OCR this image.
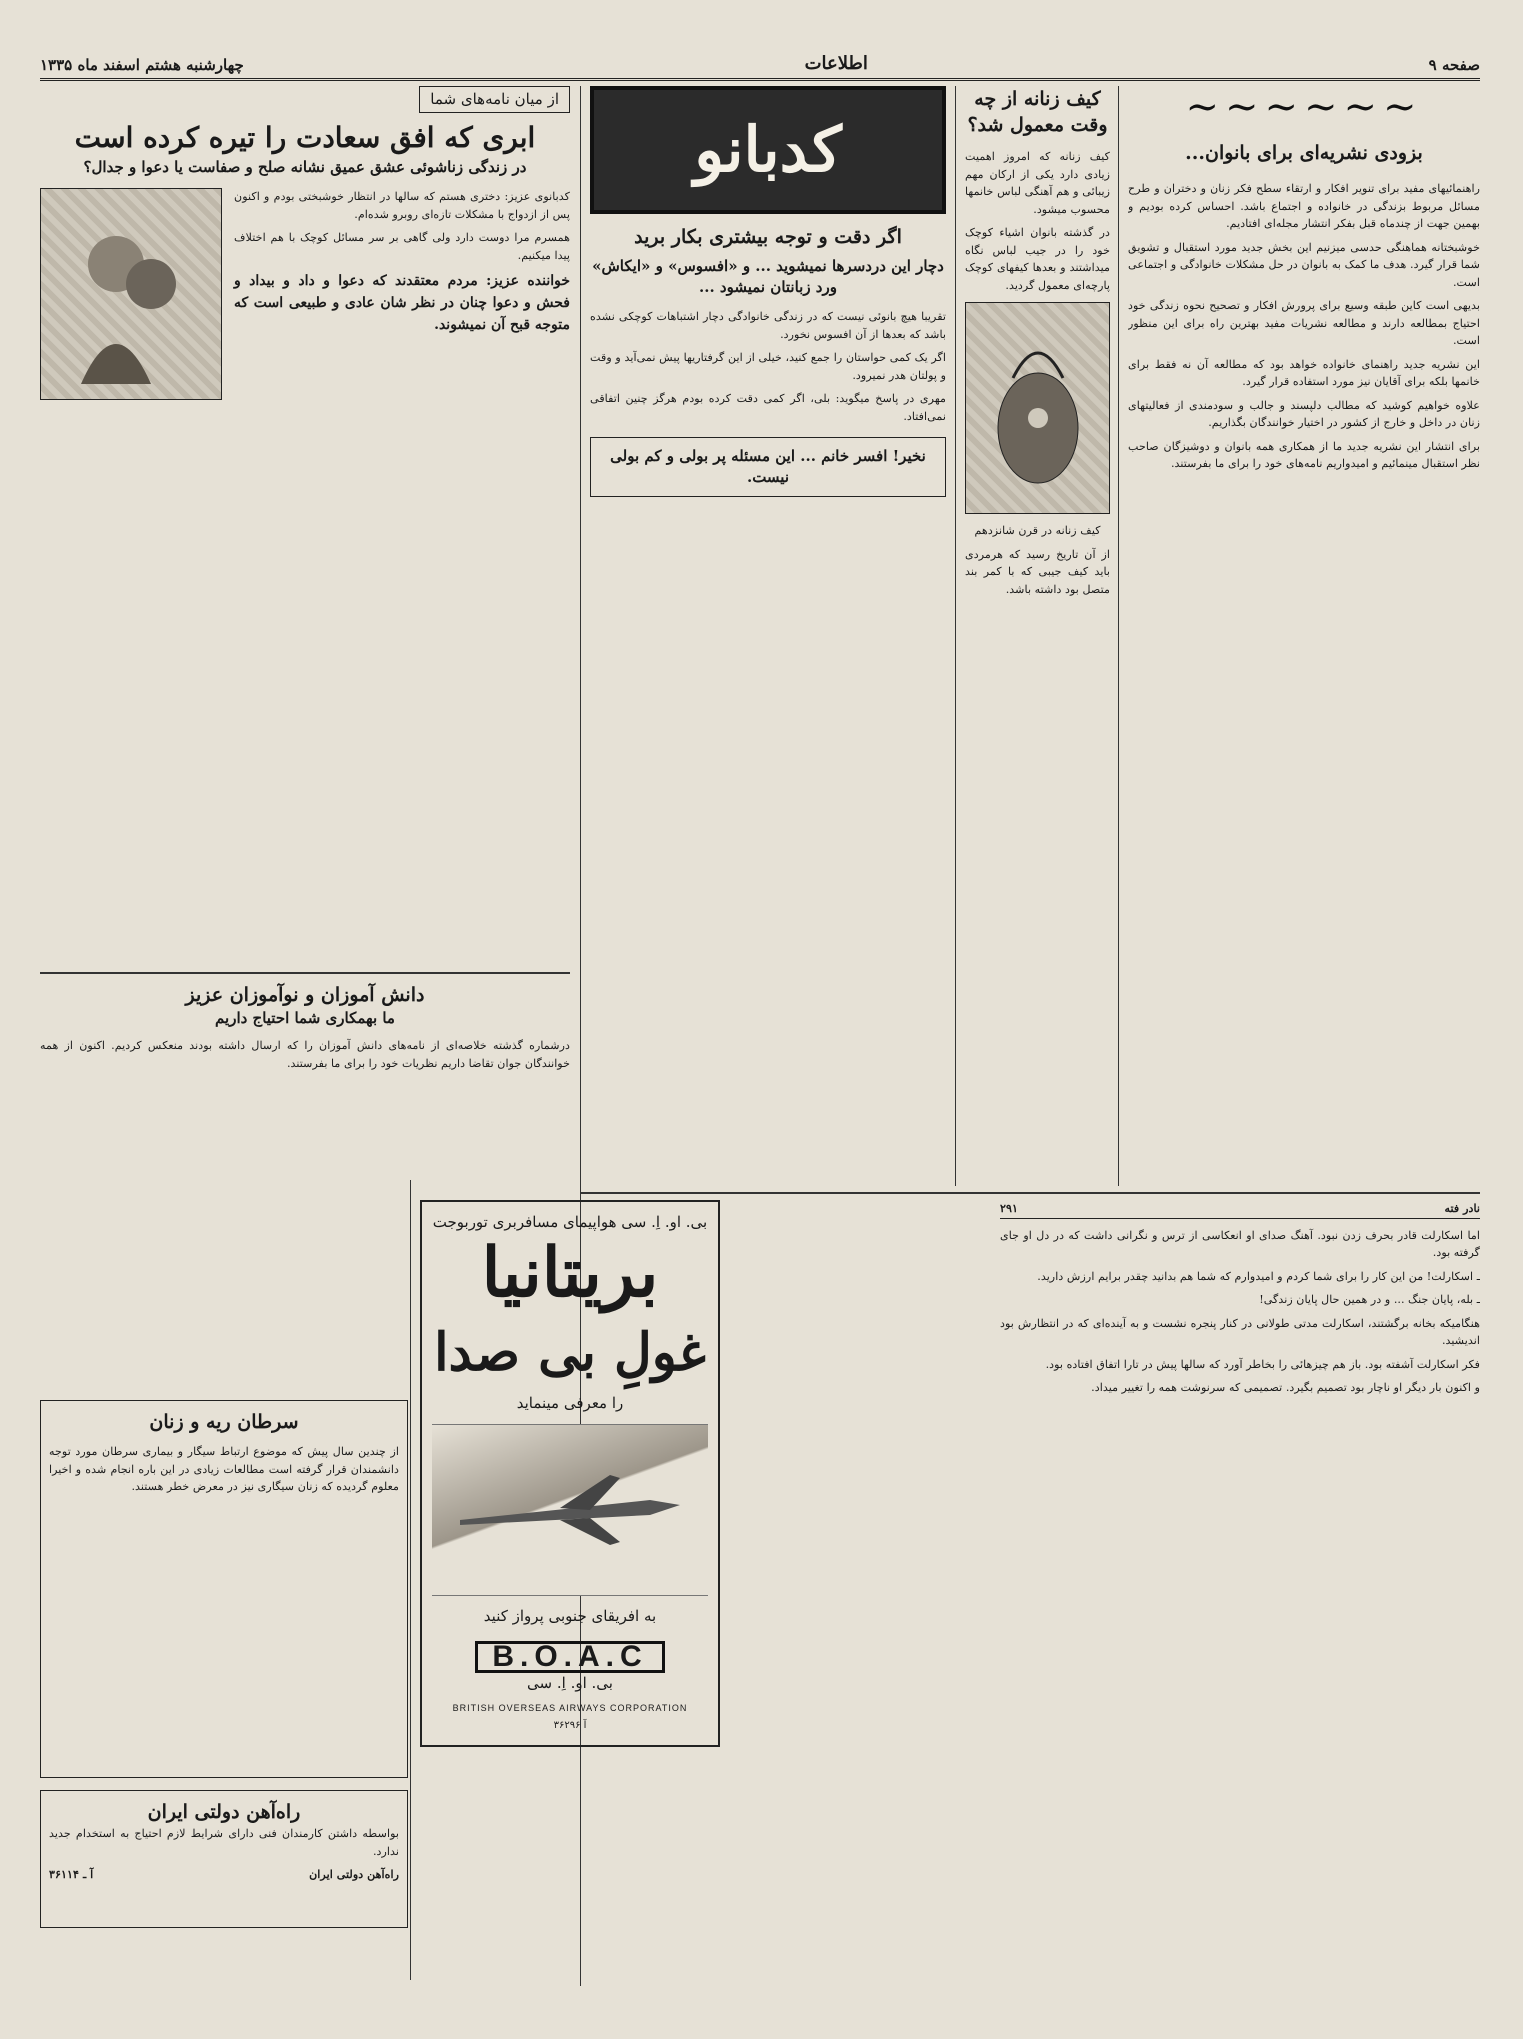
صفحه ۹
اطلاعات
چهارشنبه هشتم اسفند ماه ۱۳۳۵
∽∽∽∽∽∽
بزودی نشریه‌ای برای بانوان...

راهنمائیهای مفید برای تنویر افکار و ارتقاء سطح فکر زنان و دختران و طرح مسائل مربوط بزندگی در خانواده و اجتماع باشد. احساس کرده بودیم و بهمین جهت از چندماه قبل بفکر انتشار مجله‌ای افتادیم.

خوشبختانه هماهنگی حدسی میزنیم این بخش جدید مورد استقبال و تشویق شما قرار گیرد. هدف ما کمک به بانوان در حل مشکلات خانوادگی و اجتماعی است.

بدیهی است کاین طبقه وسیع برای پرورش افکار و تصحیح نحوه زندگی خود احتیاج بمطالعه دارند و مطالعه نشریات مفید بهترین راه برای این منظور است.

این نشریه جدید راهنمای خانواده خواهد بود که مطالعه آن نه فقط برای خانمها بلکه برای آقایان نیز مورد استفاده قرار گیرد.

علاوه خواهیم کوشید که مطالب دلپسند و جالب و سودمندی از فعالیتهای زنان در داخل و خارج از کشور در اختیار خوانندگان بگذاریم.

برای انتشار این نشریه جدید ما از همکاری همه بانوان و دوشیزگان صاحب نظر استقبال مینمائیم و امیدواریم نامه‌های خود را برای ما بفرستند.

کیف زنانه از چه وقت معمول شد؟

کیف زنانه که امروز اهمیت زیادی دارد یکی از ارکان مهم زیبائی و هم آهنگی لباس خانمها محسوب میشود.

در گذشته بانوان اشیاء کوچک خود را در جیب لباس نگاه میداشتند و بعدها کیفهای کوچک پارچه‌ای معمول گردید.

کیف زنانه در قرن شانزدهم

از آن تاریخ رسید که هرمردی باید کیف جیبی که با کمر بند متصل بود داشته باشد.

کدبانو
اگر دقت و توجه بیشتری بکار برید
دچار این دردسرها نمیشوید ... و «افسوس» و «ایکاش» ورد زبانتان نمیشود ...

تقریبا هیچ بانوئی نیست که در زندگی خانوادگی دچار اشتباهات کوچکی نشده باشد که بعدها از آن افسوس نخورد.

اگر یک کمی حواستان را جمع کنید، خیلی از این گرفتاریها پیش نمی‌آید و وقت و پولتان هدر نمیرود.

مهری در پاسخ میگوید: بلی، اگر کمی دقت کرده بودم هرگز چنین اتفاقی نمی‌افتاد.

نخیر! افسر خانم ... این مسئله پر بولی و کم بولی نیست.
بی. او. اِ. سی هواپیمای مسافربری توربوجت
بریتانیا
غولِ بی صدا
را معرفی مینماید
به افریقای جنوبی پرواز کنید
B.O.A.C
بی. او. اِ. سی
BRITISH OVERSEAS AIRWAYS CORPORATION
آ ۳۶۲۹۶
از میان نامه‌های شما
ابری که افق سعادت را تیره کرده است
در زندگی زناشوئی عشق عمیق نشانه صلح و صفاست یا دعوا و جدال؟

کدبانوی عزیز: دختری هستم که سالها در انتظار خوشبختی بودم و اکنون پس از ازدواج با مشکلات تازه‌ای روبرو شده‌ام.

همسرم مرا دوست دارد ولی گاهی بر سر مسائل کوچک با هم اختلاف پیدا میکنیم.

خواننده عزیز: مردم معتقدند که دعوا و داد و بیداد و فحش و دعوا چنان در نظر شان عادی و طبیعی است که متوجه قبح آن نمیشوند.

دانش آموزان و نوآموزان عزیز
ما بهمکاری شما احتیاج داریم

درشماره گذشته خلاصه‌ای از نامه‌های دانش آموزان را که ارسال داشته بودند منعکس کردیم. اکنون از همه خوانندگان جوان تقاضا داریم نظریات خود را برای ما بفرستند.

سرطان ریه و زنان

از چندین سال پیش که موضوع ارتباط سیگار و بیماری سرطان مورد توجه دانشمندان قرار گرفته است مطالعات زیادی در این باره انجام شده و اخیرا معلوم گردیده که زنان سیگاری نیز در معرض خطر هستند.

راه‌آهن دولتی ایران

بواسطه داشتن کارمندان فنی دارای شرایط لازم احتیاج به استخدام جدید ندارد.

راه‌آهن دولتی ایران
آ ـ ۳۶۱۱۴
نادر فته
۲۹۱

اما اسکارلت قادر بحرف زدن نبود. آهنگ صدای او انعکاسی از ترس و نگرانی داشت که در دل او جای گرفته بود.

ـ اسکارلت! من این کار را برای شما کردم و امیدوارم که شما هم بدانید چقدر برایم ارزش دارید.

ـ بله، پایان جنگ ... و در همین حال پایان زندگی!

هنگامیکه بخانه برگشتند، اسکارلت مدتی طولانی در کنار پنجره نشست و به آینده‌ای که در انتظارش بود اندیشید.

فکر اسکارلت آشفته بود. باز هم چیزهائی را بخاطر آورد که سالها پیش در تارا اتفاق افتاده بود.

و اکنون بار دیگر او ناچار بود تصمیم بگیرد. تصمیمی که سرنوشت همه را تغییر میداد.
